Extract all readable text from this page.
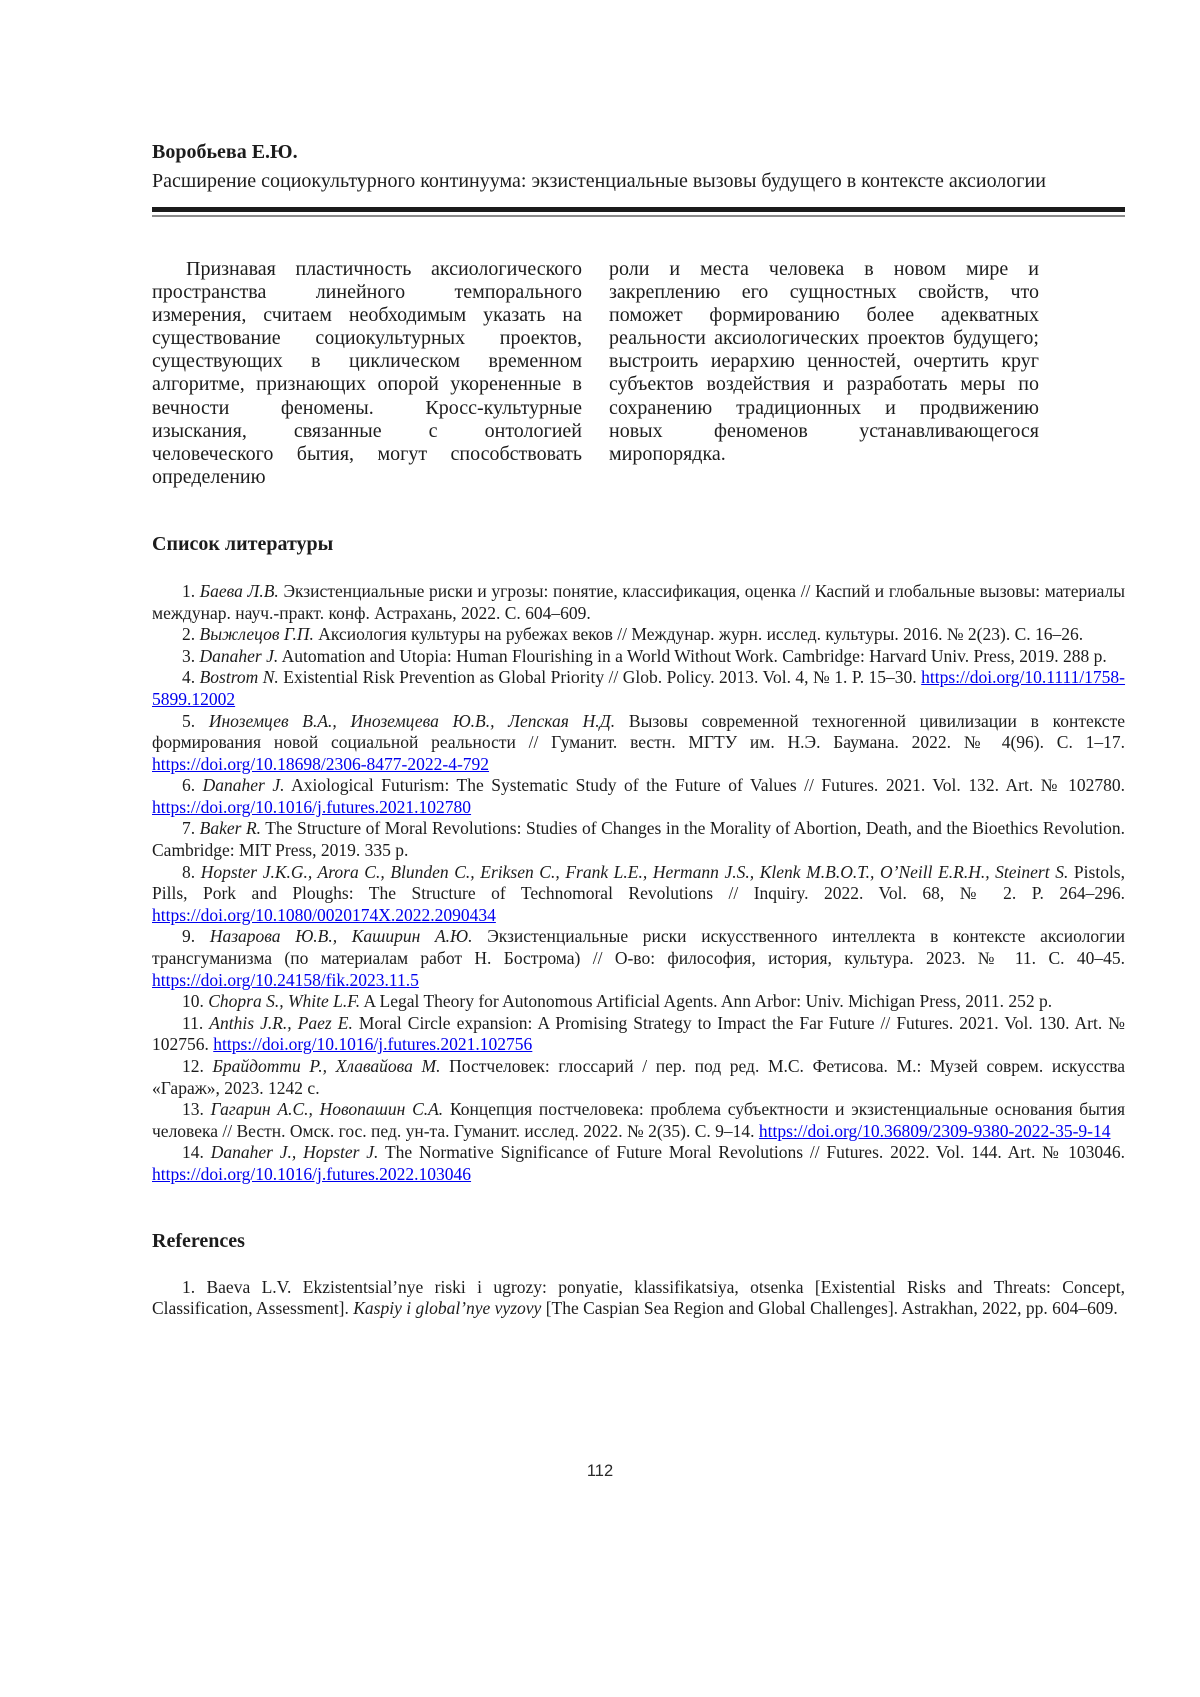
Воробьева Е.Ю.
Расширение социокультурного континуума: экзистенциальные вызовы будущего в контексте аксиологии

Признавая пластичность аксиологического пространства линейного темпорального измерения, считаем необходимым указать на существование социокультурных проектов, существующих в циклическом временном алгоритме, признающих опорой укорененные в вечности феномены. Кросс-культурные изыскания, связанные с онтологией человеческого бытия, могут способствовать определению

роли и места человека в новом мире и закреплению его сущностных свойств, что поможет формированию более адекватных реальности аксиологических проектов будущего; выстроить иерархию ценностей, очертить круг субъектов воздействия и разработать меры по сохранению традиционных и продвижению новых феноменов устанавливающегося миропорядка.

Список литературы

1. Баева Л.В. Экзистенциальные риски и угрозы: понятие, классификация, оценка // Каспий и глобальные вызовы: материалы междунар. науч.-практ. конф. Астрахань, 2022. С. 604–609.

2. Выжлецов Г.П. Аксиология культуры на рубежах веков // Междунар. журн. исслед. культуры. 2016. № 2(23). С. 16–26.

3. Danaher J. Automation and Utopia: Human Flourishing in a World Without Work. Cambridge: Harvard Univ. Press, 2019. 288 p.

4. Bostrom N. Existential Risk Prevention as Global Priority // Glob. Policy. 2013. Vol. 4, № 1. P. 15–30. https://doi.org/10.1111/1758-5899.12002

5. Иноземцев В.А., Иноземцева Ю.В., Лепская Н.Д. Вызовы современной техногенной цивилизации в контексте формирования новой социальной реальности // Гуманит. вестн. МГТУ им. Н.Э. Баумана. 2022. № 4(96). С. 1–17. https://doi.org/10.18698/2306-8477-2022-4-792

6. Danaher J. Axiological Futurism: The Systematic Study of the Future of Values // Futures. 2021. Vol. 132. Art. № 102780. https://doi.org/10.1016/j.futures.2021.102780

7. Baker R. The Structure of Moral Revolutions: Studies of Changes in the Morality of Abortion, Death, and the Bioethics Revolution. Cambridge: MIT Press, 2019. 335 p.

8. Hopster J.K.G., Arora C., Blunden C., Eriksen C., Frank L.E., Hermann J.S., Klenk M.B.O.T., O’Neill E.R.H., Steinert S. Pistols, Pills, Pork and Ploughs: The Structure of Technomoral Revolutions // Inquiry. 2022. Vol. 68, № 2. P. 264–296. https://doi.org/10.1080/0020174X.2022.2090434

9. Назарова Ю.В., Каширин А.Ю. Экзистенциальные риски искусственного интеллекта в контексте аксиологии трансгуманизма (по материалам работ Н. Бострома) // О-во: философия, история, культура. 2023. № 11. С. 40–45. https://doi.org/10.24158/fik.2023.11.5

10. Chopra S., White L.F. A Legal Theory for Autonomous Artificial Agents. Ann Arbor: Univ. Michigan Press, 2011. 252 p.

11. Anthis J.R., Paez E. Moral Circle expansion: A Promising Strategy to Impact the Far Future // Futures. 2021. Vol. 130. Art. № 102756. https://doi.org/10.1016/j.futures.2021.102756

12. Брайдотти Р., Хлавайова М. Постчеловек: глоссарий / пер. под ред. М.С. Фетисова. М.: Музей соврем. искусства «Гараж», 2023. 1242 с.

13. Гагарин А.С., Новопашин С.А. Концепция постчеловека: проблема субъектности и экзистенциальные основания бытия человека // Вестн. Омск. гос. пед. ун-та. Гуманит. исслед. 2022. № 2(35). С. 9–14. https://doi.org/10.36809/2309-9380-2022-35-9-14

14. Danaher J., Hopster J. The Normative Significance of Future Moral Revolutions // Futures. 2022. Vol. 144. Art. № 103046. https://doi.org/10.1016/j.futures.2022.103046

References

1. Baeva L.V. Ekzistentsial’nye riski i ugrozy: ponyatie, klassifikatsiya, otsenka [Existential Risks and Threats: Concept, Classification, Assessment]. Kaspiy i global’nye vyzovy [The Caspian Sea Region and Global Challenges]. Astrakhan, 2022, pp. 604–609.

112
